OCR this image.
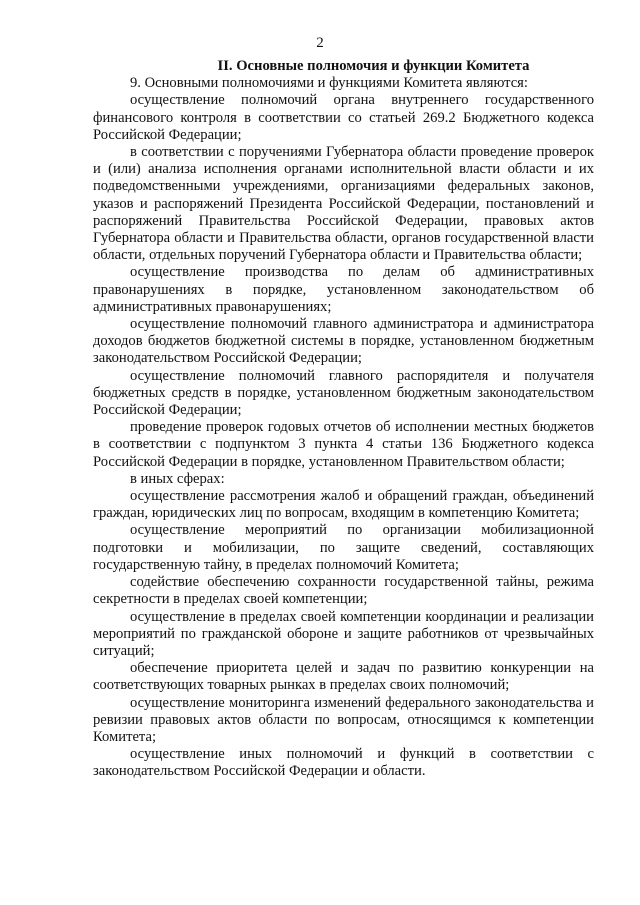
2

II. Основные полномочия и функции Комитета

9. Основными полномочиями и функциями Комитета являются:

осуществление полномочий органа внутреннего государственного финансового контроля в соответствии со статьей 269.2 Бюджетного кодекса Российской Федерации;

в соответствии с поручениями Губернатора области проведение проверок и (или) анализа исполнения органами исполнительной власти области и их подведомственными учреждениями, организациями федеральных законов, указов и распоряжений Президента Российской Федерации, постановлений и распоряжений Правительства Российской Федерации, правовых актов Губернатора области и Правительства области, органов государственной власти области, отдельных поручений Губернатора области и Правительства области;

осуществление производства по делам об административных правонарушениях в порядке, установленном законодательством об административных правонарушениях;

осуществление полномочий главного администратора и администратора доходов бюджетов бюджетной системы в порядке, установленном бюджетным законодательством Российской Федерации;

осуществление полномочий главного распорядителя и получателя бюджетных средств в порядке, установленном бюджетным законодательством Российской Федерации;

проведение проверок годовых отчетов об исполнении местных бюджетов в соответствии с подпунктом 3 пункта 4 статьи 136 Бюджетного кодекса Российской Федерации в порядке, установленном Правительством области;

в иных сферах:

осуществление рассмотрения жалоб и обращений граждан, объединений граждан, юридических лиц по вопросам, входящим в компетенцию Комитета;

осуществление мероприятий по организации мобилизационной подготовки и мобилизации, по защите сведений, составляющих государственную тайну, в пределах полномочий Комитета;

содействие обеспечению сохранности государственной тайны, режима секретности в пределах своей компетенции;

осуществление в пределах своей компетенции координации и реализации мероприятий по гражданской обороне и защите работников от чрезвычайных ситуаций;

обеспечение приоритета целей и задач по развитию конкуренции на соответствующих товарных рынках в пределах своих полномочий;

осуществление мониторинга изменений федерального законодательства и ревизии правовых актов области по вопросам, относящимся к компетенции Комитета;

осуществление иных полномочий и функций в соответствии с законодательством Российской Федерации и области.
